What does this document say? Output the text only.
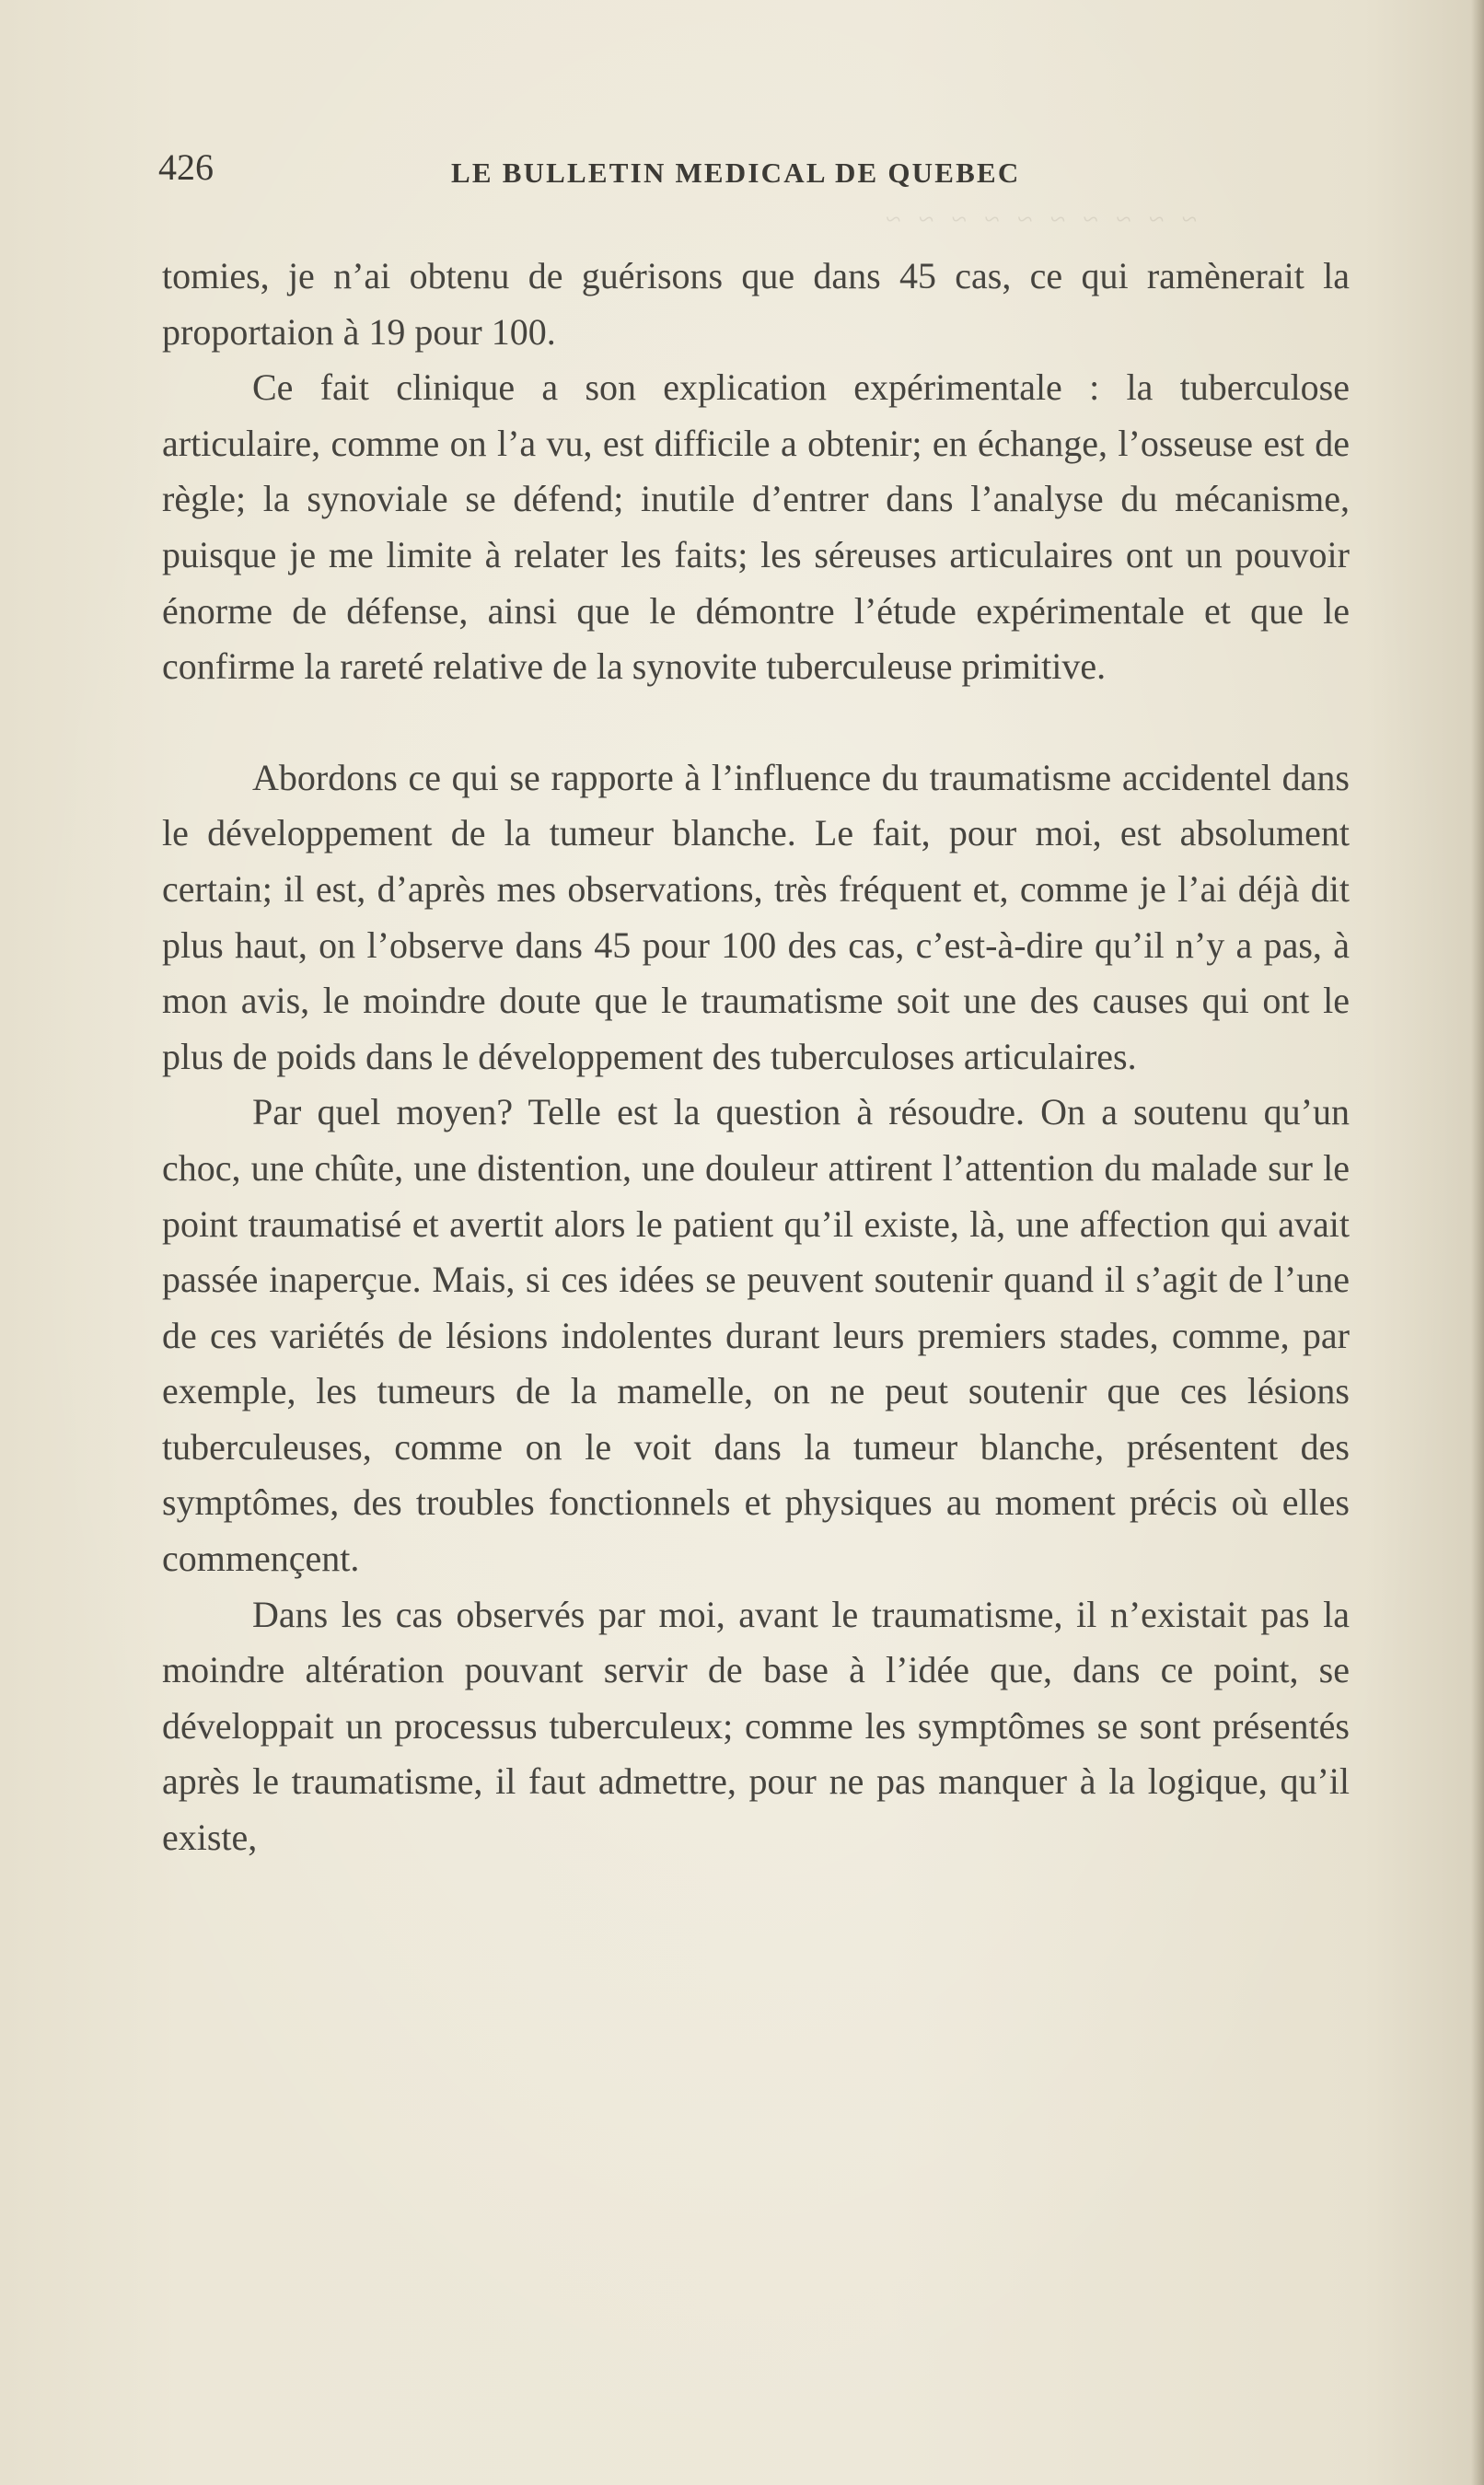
~ ~ ~ ~ ~ ~ ~ ~ ~ ~
426	LE BULLETIN MEDICAL DE QUEBEC

tomies, je n’ai obtenu de guérisons que dans 45 cas, ce qui ramènerait la proportaion à 19 pour 100.

Ce fait clinique a son explication expérimentale : la tuberculose articulaire, comme on l’a vu, est difficile a obtenir; en échange, l’osseuse est de règle; la synoviale se défend; inutile d’entrer dans l’analyse du mécanisme, puisque je me limite à relater les faits; les séreuses articulaires ont un pouvoir énorme de défense, ainsi que le démontre l’étude expérimentale et que le confirme la rareté relative de la synovite tuberculeuse primitive.

Abordons ce qui se rapporte à l’influence du traumatisme accidentel dans le développement de la tumeur blanche. Le fait, pour moi, est absolument certain; il est, d’après mes observations, très fréquent et, comme je l’ai déjà dit plus haut, on l’observe dans 45 pour 100 des cas, c’est-à-dire qu’il n’y a pas, à mon avis, le moindre doute que le traumatisme soit une des causes qui ont le plus de poids dans le développement des tuberculoses articulaires.

Par quel moyen? Telle est la question à résoudre. On a soutenu qu’un choc, une chûte, une distention, une douleur attirent l’attention du malade sur le point traumatisé et avertit alors le patient qu’il existe, là, une affection qui avait passée inaperçue. Mais, si ces idées se peuvent soutenir quand il s’agit de l’une de ces variétés de lésions indolentes durant leurs premiers stades, comme, par exemple, les tumeurs de la mamelle, on ne peut soutenir que ces lésions tuberculeuses, comme on le voit dans la tumeur blanche, présentent des symptômes, des troubles fonctionnels et physiques au moment précis où elles commençent.

Dans les cas observés par moi, avant le traumatisme, il n’existait pas la moindre altération pouvant servir de base à l’idée que, dans ce point, se développait un processus tuberculeux; comme les symptômes se sont présentés après le traumatisme, il faut admettre, pour ne pas manquer à la logique, qu’il existe,
